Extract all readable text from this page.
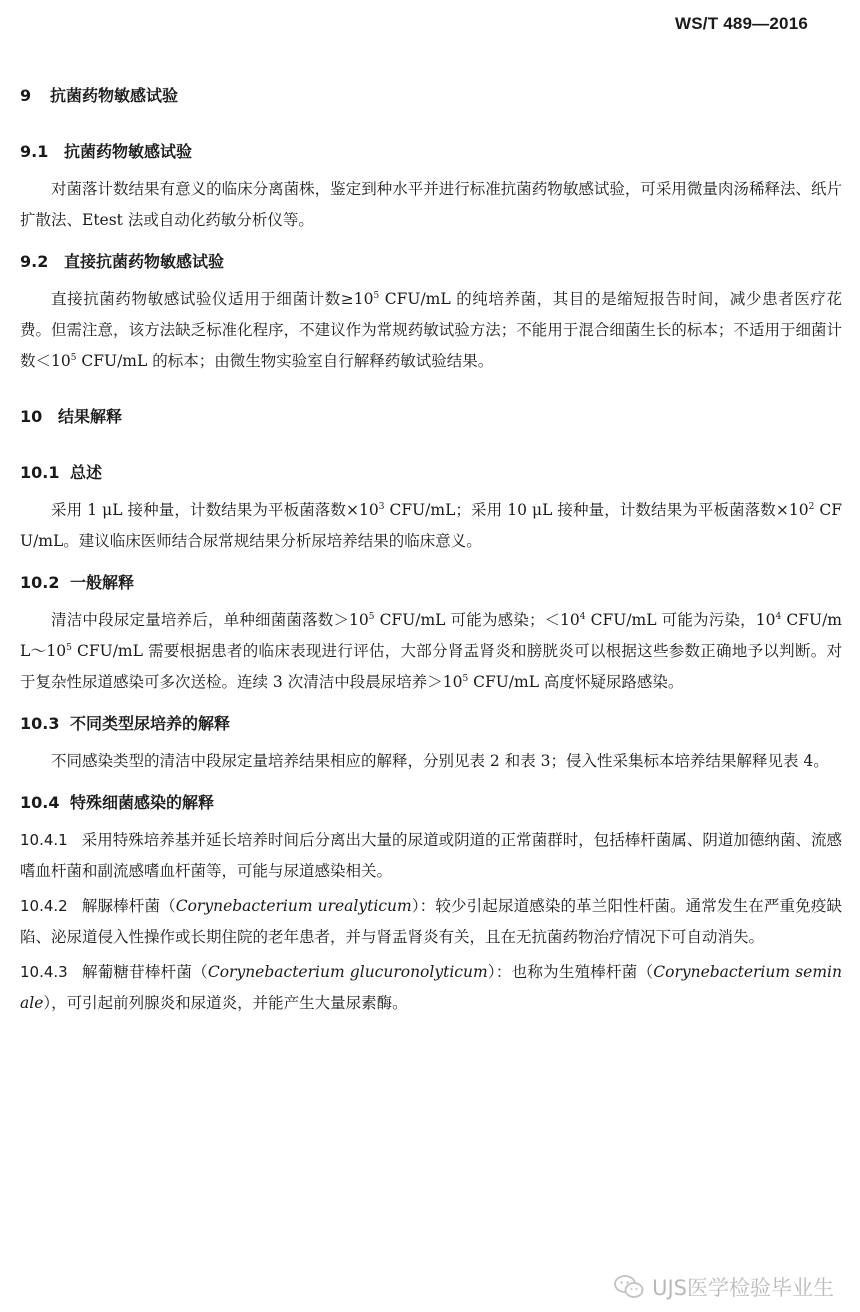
WS/T 489—2016
9 抗菌药物敏感试验
9.1 抗菌药物敏感试验

对菌落计数结果有意义的临床分离菌株，鉴定到种水平并进行标准抗菌药物敏感试验，可采用微量肉汤稀释法、纸片扩散法、Etest 法或自动化药敏分析仪等。

9.2 直接抗菌药物敏感试验

直接抗菌药物敏感试验仪适用于细菌计数$\ge 10^5$ CFU/mL 的纯培养菌，其目的是缩短报告时间，减少患者医疗花费。但需注意，该方法缺乏标准化程序，不建议作为常规药敏试验方法；不能用于混合细菌生长的标本；不适用于细菌计数$<10^5$ CFU/mL 的标本；由微生物实验室自行解释药敏试验结果。

10 结果解释
10.1 总述

采用 1 μL 接种量，计数结果为平板菌落数$\times 10^3$ CFU/mL；采用 10 μL 接种量，计数结果为平板菌落数$\times 10^2$ CFU/mL。建议临床医师结合尿常规结果分析尿培养结果的临床意义。

10.2 一般解释

清洁中段尿定量培养后，单种细菌菌落数$>10^5$ CFU/mL 可能为感染；$<10^4$ CFU/mL 可能为污染，$10^4$ CFU/$mL\sim 10^5$ CFU/mL 需要根据患者的临床表现进行评估，大部分肾盂肾炎和膀胱炎可以根据这些参数正确地予以判断。对于复杂性尿道感染可多次送检。连续 3 次清洁中段晨尿培养$>10^5$ CFU/mL 高度怀疑尿路感染。

10.3 不同类型尿培养的解释

不同感染类型的清洁中段尿定量培养结果相应的解释，分别见表 2 和表 3；侵入性采集标本培养结果解释见表 4。

10.4 特殊细菌感染的解释

10.4.1 采用特殊培养基并延长培养时间后分离出大量的尿道或阴道的正常菌群时，包括棒杆菌属、阴道加德纳菌、流感嗜血杆菌和副流感嗜血杆菌等，可能与尿道感染相关。

10.4.2 解脲棒杆菌（Corynebacterium urealyticum）：较少引起尿道感染的革兰阳性杆菌。通常发生在严重免疫缺陷、泌尿道侵入性操作或长期住院的老年患者，并与肾盂肾炎有关，且在无抗菌药物治疗情况下可自动消失。

10.4.3 解葡糖苷棒杆菌（Corynebacterium glucuronolyticum）：也称为生殖棒杆菌（Corynebacterium seminale），可引起前列腺炎和尿道炎，并能产生大量尿素酶。

UJS医学检验毕业生
